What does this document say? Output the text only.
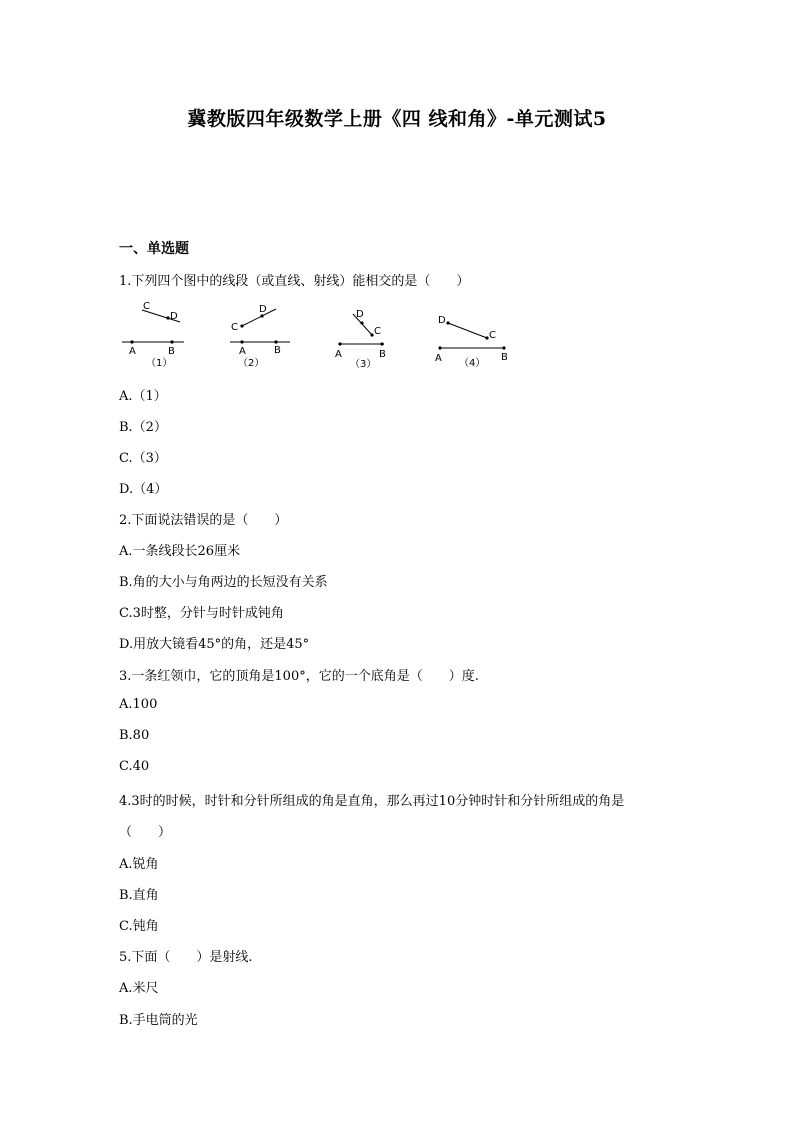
冀教版四年级数学上册《四 线和角》-单元测试5
一、单选题
1.下列四个图中的线段（或直线、射线）能相交的是（　　）
C
D
A	B
（1）
D
C
A	B
（2）
D
C
A	B
（3）
D
C
A	B
（4）
A.（1）
B.（2）
C.（3）
D.（4）
2.下面说法错误的是（　　）
A.一条线段长26厘米
B.角的大小与角两边的长短没有关系
C.3时整，分针与时针成钝角
D.用放大镜看45°的角，还是45°
3.一条红领巾，它的顶角是100°，它的一个底角是（　　）度.
A.100
B.80
C.40
4.3时的时候，时针和分针所组成的角是直角，那么再过10分钟时针和分针所组成的角是
（　　）
A.锐角
B.直角
C.钝角
5.下面（　　）是射线.
A.米尺
B.手电筒的光
